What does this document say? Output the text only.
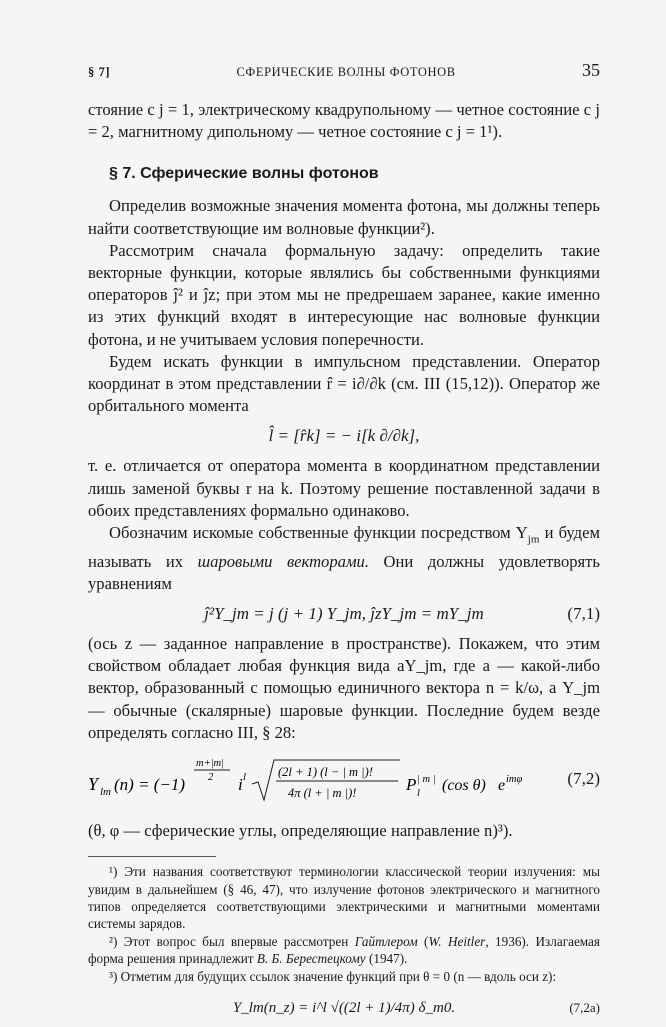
§ 7]	СФЕРИЧЕСКИЕ ВОЛНЫ ФОТОНОВ	35

стояние с j = 1, электрическому квадрупольному — четное состояние с j = 2, магнитному дипольному — четное состояние с j = 1¹).

§ 7. Сферические волны фотонов

Определив возможные значения момента фотона, мы должны теперь найти соответствующие им волновые функции²).

Рассмотрим сначала формальную задачу: определить такие векторные функции, которые являлись бы собственными функциями операторов ĵ² и ĵz; при этом мы не предрешаем заранее, какие именно из этих функций входят в интересующие нас волновые функции фотона, и не учитываем условия поперечности.

Будем искать функции в импульсном представлении. Оператор координат в этом представлении r̂ = i∂/∂k (см. III (15,12)). Оператор же орбитального момента

l̂ = [r̂k] = − i[k ∂/∂k],

т. е. отличается от оператора момента в координатном представлении лишь заменой буквы r на k. Поэтому решение поставленной задачи в обоих представлениях формально одинаково.

Обозначим искомые собственные функции посредством $Y_{jm}$ и будем называть их шаровыми векторами. Они должны удовлетворять уравнениям

ĵ²Y_jm = j (j + 1) Y_jm, ĵzY_jm = mY_jm	(7,1)

(ось z — заданное направление в пространстве). Покажем, что этим свойством обладает любая функция вида aY_jm, где a — какой-либо вектор, образованный с помощью единичного вектора n = k/ω, а Y_jm — обычные (скалярные) шаровые функции. Последние будем везде определять согласно III, § 28:

Y lm (n) = (−1)
m+|m|
2 i l	(2l + 1) (l − | m |)!
4π (l + | m |)!	P | m |
l (cos θ) e imφ	(7,2)

(θ, φ — сферические углы, определяющие направление n)³).

¹) Эти названия соответствуют терминологии классической теории излучения: мы увидим в дальнейшем (§ 46, 47), что излучение фотонов электрического и магнитного типов определяется соответствующими электрическими и магнитными моментами системы зарядов.

²) Этот вопрос был впервые рассмотрен Гайтлером (W. Heitler, 1936). Излагаемая форма решения принадлежит В. Б. Берестецкому (1947).

³) Отметим для будущих ссылок значение функций при θ = 0 (n — вдоль оси z):

Y_lm(n_z) = i^l √((2l + 1)/4π) δ_m0.	(7,2a)
